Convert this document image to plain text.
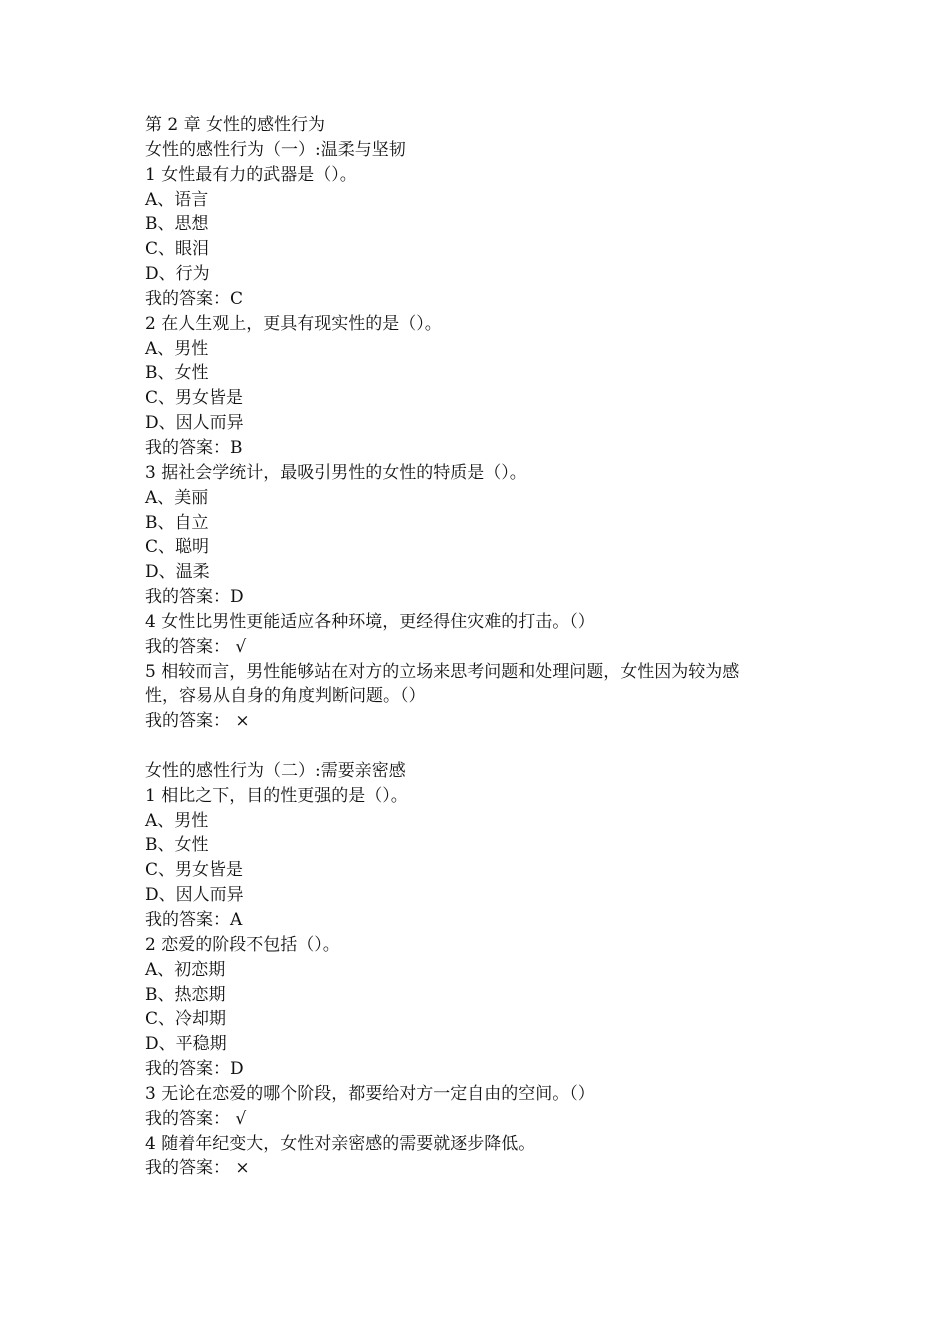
第 2 章 女性的感性行为
女性的感性行为（一）:温柔与坚韧
1 女性最有力的武器是（）。
A、语言
B、思想
C、眼泪
D、行为
我的答案：C
2 在人生观上，更具有现实性的是（）。
A、男性
B、女性
C、男女皆是
D、因人而异
我的答案：B
3 据社会学统计，最吸引男性的女性的特质是（）。
A、美丽
B、自立
C、聪明
D、温柔
我的答案：D
4 女性比男性更能适应各种环境，更经得住灾难的打击。（）
我的答案： √
5 相较而言，男性能够站在对方的立场来思考问题和处理问题，女性因为较为感
性，容易从自身的角度判断问题。（）
我的答案： ×
女性的感性行为（二）:需要亲密感
1 相比之下，目的性更强的是（）。
A、男性
B、女性
C、男女皆是
D、因人而异
我的答案：A
2 恋爱的阶段不包括（）。
A、初恋期
B、热恋期
C、冷却期
D、平稳期
我的答案：D
3 无论在恋爱的哪个阶段，都要给对方一定自由的空间。（）
我的答案： √
4 随着年纪变大，女性对亲密感的需要就逐步降低。
我的答案： ×
